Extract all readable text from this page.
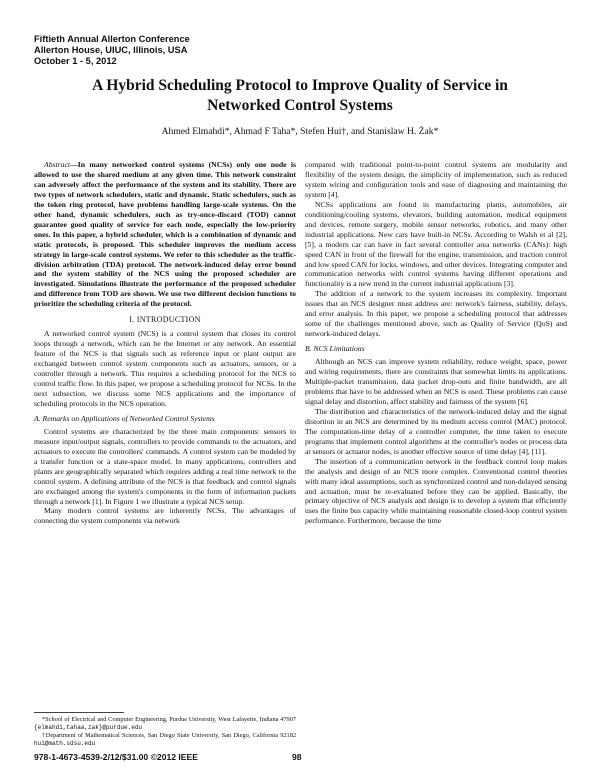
Fiftieth Annual Allerton Conference
Allerton House, UIUC, Illinois, USA
October 1 - 5, 2012
A Hybrid Scheduling Protocol to Improve Quality of Service in
Networked Control Systems
Ahmed Elmahdi*, Ahmad F Taha*, Stefen Hui†, and Stanislaw H. Żak*

Abstract—In many networked control systems (NCSs) only one node is allowed to use the shared medium at any given time. This network constraint can adversely affect the performance of the system and its stability. There are two types of network schedulers, static and dynamic. Static schedulers, such as the token ring protocol, have problems handling large-scale systems. On the other hand, dynamic schedulers, such as try-once-discard (TOD) cannot guarantee good quality of service for each node, especially the low-priority ones. In this paper, a hybrid scheduler, which is a combination of dynamic and static protocols, is proposed. This scheduler improves the medium access strategy in large-scale control systems. We refer to this scheduler as the traffic-division arbitration (TDA) protocol. The network-induced delay error bound and the system stability of the NCS using the proposed scheduler are investigated. Simulations illustrate the performance of the proposed scheduler and difference from TOD are shown. We use two different decision functions to prioritize the scheduling criteria of the protocol.

I. INTRODUCTION

A networked control system (NCS) is a control system that closes its control loops through a network, which can be the Internet or any network. An essential feature of the NCS is that signals such as reference input or plant output are exchanged between control system components such as actuators, sensors, or a controller through a network. This requires a scheduling protocol for the NCS to control traffic flow. In this paper, we propose a scheduling protocol for NCSs. In the next subsection, we discuss some NCS applications and the importance of scheduling protocols in the NCS operation.

A. Remarks on Applications of Networked Control Systems

Control systems are characterized by the three main components: sensors to measure input/output signals, controllers to provide commands to the actuators, and actuators to execute the controllers' commands. A control system can be modeled by a transfer function or a state-space model. In many applications, controllers and plants are geographically separated which requires adding a real time network to the control system. A defining attribute of the NCS is that feedback and control signals are exchanged among the system's components in the form of information packets through a network [1]. In Figure 1 we illustrate a typical NCS setup.

Many modern control systems are inherently NCSs. The advantages of connecting the system components via network

compared with traditional point-to-point control systems are modularity and flexibility of the system design, the simplicity of implementation, such as reduced system wiring and configuration tools and ease of diagnosing and maintaining the system [4].

NCSs applications are found in manufacturing plants, automobiles, air conditioning/cooling systems, elevators, building automation, medical equipment and devices, remote surgery, mobile sensor networks, robotics, and many other industrial applications. New cars have built-in NCSs. According to Walsh et al [2], [5], a modern car can have in fact several controller area networks (CANs): high speed CAN in front of the firewall for the engine, transmission, and traction control and low speed CAN for locks, windows, and other devices. Integrating computer and communication networks with control systems having different operations and functionality is a new trend in the current industrial applications [3].

The addition of a network to the system increases its complexity. Important issues that an NCS designer must address are: network's fairness, stability, delays, and error analysis. In this paper, we propose a scheduling protocol that addresses some of the challenges mentioned above, such as Quality of Service (QoS) and network-induced delays.

B. NCS Limitations

Although an NCS can improve system reliability, reduce weight, space, power and wiring requirements, there are constraints that somewhat limits its applications. Multiple-packet transmission, data packet drop-outs and finite bandwidth, are all problems that have to be addressed when an NCS is used. These problems can cause signal delay and distortion, affect stability and fairness of the system [6].

The distribution and characteristics of the network-induced delay and the signal distortion in an NCS are determined by its medium access control (MAC) protocol. The computation-time delay of a controller computer, the time taken to execute programs that implement control algorithms at the controller's nodes or process data at sensors or actuator nodes, is another effective source of time delay [4], [11].

The insertion of a communication network in the feedback control loop makes the analysis and design of an NCS more complex. Conventional control theories with many ideal assumptions, such as synchronized control and non-delayed sensing and actuation, must be re-evaluated before they can be applied. Basically, the primary objective of NCS analysis and design is to develop a system that efficiently uses the finite bus capacity while maintaining reasonable closed-loop control system performance. Furthermore, because the time

*School of Electrical and Computer Engineering, Purdue University, West Lafayette, Indiana 47907 {elmahdi,tahaa,zak}@purdue.edu

†Department of Mathematical Sciences, San Diego State University, San Diego, California 92182 hui@math.sdsu.edu

978-1-4673-4539-2/12/$31.00 ©2012 IEEE	98
